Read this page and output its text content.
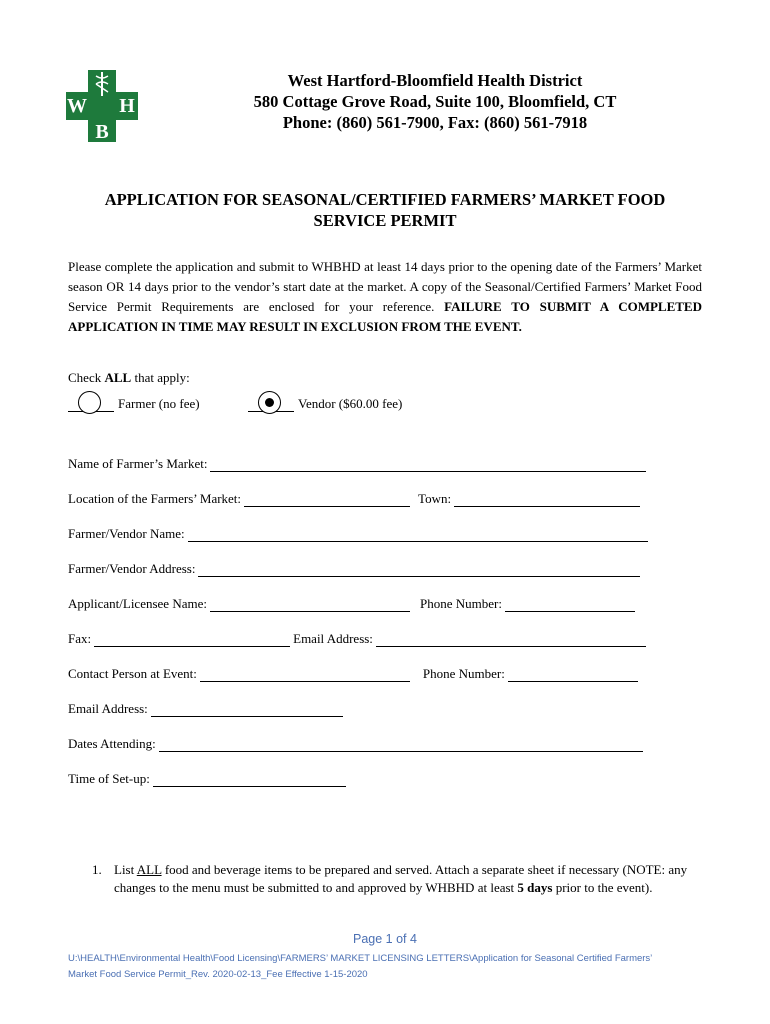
W H
B
West Hartford-Bloomfield Health District
580 Cottage Grove Road, Suite 100, Bloomfield, CT
Phone: (860) 561-7900, Fax: (860) 561-7918
APPLICATION FOR SEASONAL/CERTIFIED FARMERS’ MARKET FOOD
SERVICE PERMIT
Please complete the application and submit to WHBHD at least 14 days prior to the opening date of the Farmers’ Market season OR 14 days prior to the vendor’s start date at the market. A copy of the Seasonal/Certified Farmers’ Market Food Service Permit Requirements are enclosed for your reference. FAILURE TO SUBMIT A COMPLETED APPLICATION IN TIME MAY RESULT IN EXCLUSION FROM THE EVENT.
Check ALL that apply:
Farmer (no fee)	Vendor ($60.00 fee)
Name of Farmer’s Market:
Location of the Farmers’ Market:	Town:
Farmer/Vendor Name:
Farmer/Vendor Address:
Applicant/Licensee Name:	Phone Number:
Fax:	Email Address:
Contact Person at Event:	Phone Number:
Email Address:
Dates Attending:
Time of Set-up:
1. List ALL food and beverage items to be prepared and served. Attach a separate sheet if necessary (NOTE: any changes to the menu must be submitted to and approved by WHBHD at least 5 days prior to the event).
Page 1 of 4
U:\HEALTH\Environmental Health\Food Licensing\FARMERS’ MARKET LICENSING LETTERS\Application for Seasonal Certified Farmers’
Market Food Service Permit_Rev. 2020-02-13_Fee Effective 1-15-2020
